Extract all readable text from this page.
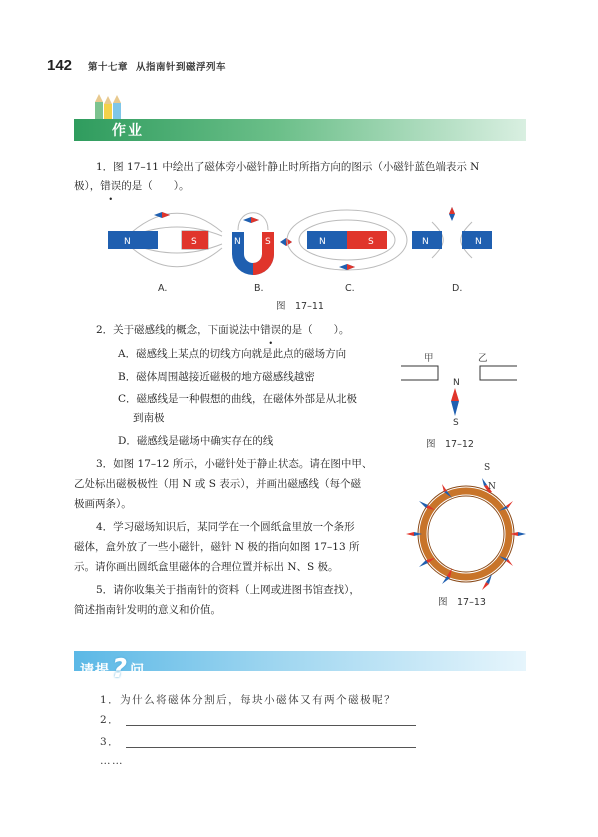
142 第十七章 从指南针到磁浮列车
作业
1．图 17–11 中绘出了磁体旁小磁针静止时所指方向的图示（小磁针蓝色端表示 N
极），错误的是（　　）。
N	S	N	S	N	S	N	N
A.	B.	C.	D.
图　17–11
2．关于磁感线的概念，下面说法中错误的是（　　）。
A．磁感线上某点的切线方向就是此点的磁场方向
B．磁体周围越接近磁极的地方磁感线越密
C．磁感线是一种假想的曲线，在磁体外部是从北极
到南极
D．磁感线是磁场中确实存在的线
甲	乙
N
S
图　17–12
3．如图 17–12 所示，小磁针处于静止状态。请在图中甲、
乙处标出磁极极性（用 N 或 S 表示），并画出磁感线（每个磁
极画两条）。
4．学习磁场知识后，某同学在一个圆纸盒里放一个条形
磁体，盒外放了一些小磁针，磁针 N 极的指向如图 17–13 所
示。请你画出圆纸盒里磁体的合理位置并标出 N、S 极。
5．请你收集关于指南针的资料（上网或进图书馆查找），
简述指南针发明的意义和价值。
S
N
图　17–13
请提? 问
1．为什么将磁体分割后，每块小磁体又有两个磁极呢？
2．
3．
……
